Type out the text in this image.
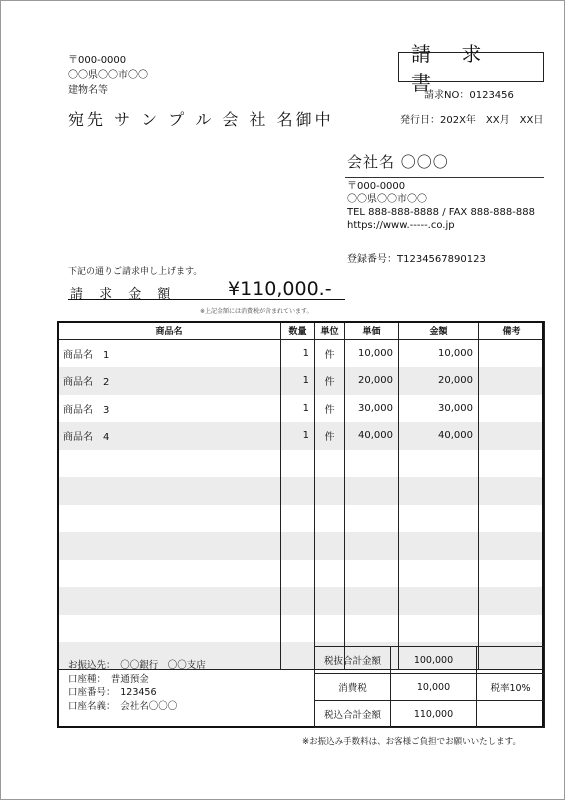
〒000-0000
〇〇県〇〇市〇〇
建物名等
宛先 サ ン プ ル 会 社 名御中
請 求 書
請求NO：0123456
発行日：202X年　XX月　XX日
会社名 〇〇〇
〒000-0000
〇〇県〇〇市〇〇
TEL 888-888-8888 / FAX 888-888-888
https://www.-----.co.jp
登録番号：T1234567890123
下記の通りご請求申し上げます。
請 求 金 額	¥110,000.-
※上記金額には消費税が含まれています。
商品名	数量	単位	単価	金額	備考
商品名　1	1	件	10,000	10,000	
商品名　2	1	件	20,000	20,000	
商品名　3	1	件	30,000	30,000	
商品名　4	1	件	40,000	40,000	

お振込先：　〇〇銀行　〇〇支店
口座種：　普通預金
口座番号：　123456
口座名義：　会社名〇〇〇
税抜合計金額	100,000	
消費税	10,000	税率10%
税込合計金額	110,000	
※お振込み手数料は、お客様ご負担でお願いいたします。
